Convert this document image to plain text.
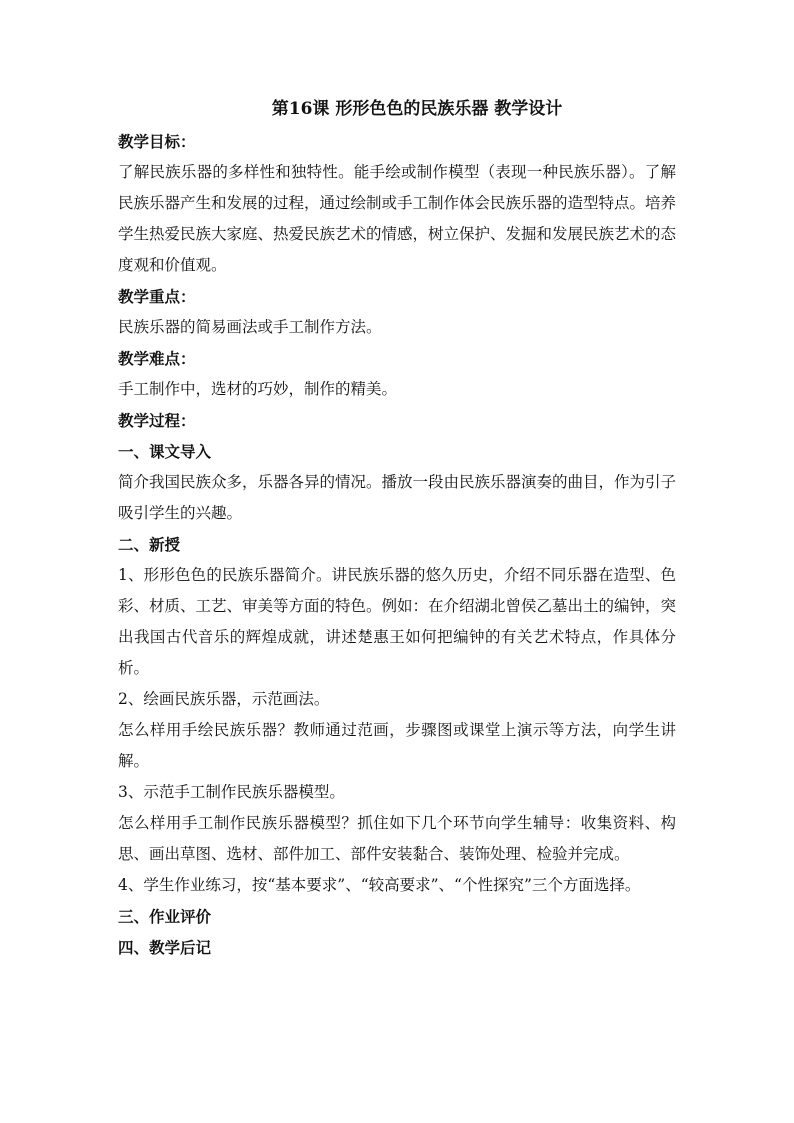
第16课 形形色色的民族乐器 教学设计
教学目标：
了解民族乐器的多样性和独特性。能手绘或制作模型（表现一种民族乐器）。了解民族乐器产生和发展的过程，通过绘制或手工制作体会民族乐器的造型特点。培养学生热爱民族大家庭、热爱民族艺术的情感，树立保护、发掘和发展民族艺术的态度观和价值观。
教学重点：
民族乐器的简易画法或手工制作方法。
教学难点：
手工制作中，选材的巧妙，制作的精美。
教学过程：
一、课文导入
简介我国民族众多，乐器各异的情况。播放一段由民族乐器演奏的曲目，作为引子吸引学生的兴趣。
二、新授
1、形形色色的民族乐器简介。讲民族乐器的悠久历史，介绍不同乐器在造型、色彩、材质、工艺、审美等方面的特色。例如：在介绍湖北曾侯乙墓出土的编钟，突出我国古代音乐的辉煌成就，讲述楚惠王如何把编钟的有关艺术特点，作具体分析。
2、绘画民族乐器，示范画法。
怎么样用手绘民族乐器？教师通过范画，步骤图或课堂上演示等方法，向学生讲解。
3、示范手工制作民族乐器模型。
怎么样用手工制作民族乐器模型？抓住如下几个环节向学生辅导：收集资料、构思、画出草图、选材、部件加工、部件安装黏合、装饰处理、检验并完成。
4、学生作业练习，按“基本要求”、“较高要求”、“个性探究”三个方面选择。
三、作业评价
四、教学后记
